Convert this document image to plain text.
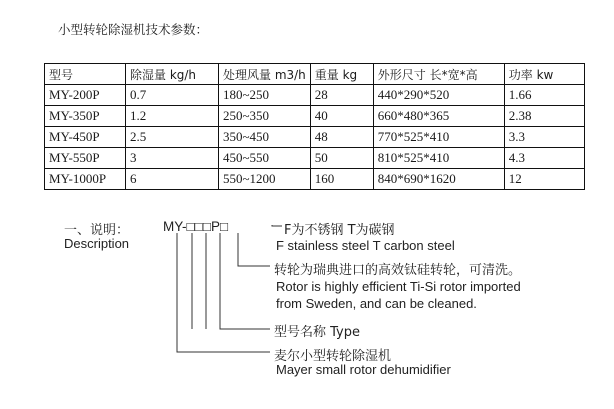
小型转轮除湿机技术参数：
型号	除湿量 kg/h	处理风量 m3/h	重量 kg	外形尺寸 长*宽*高	功率 kw
MY-200P	0.7	180~250	28	440*290*520	1.66
MY-350P	1.2	250~350	40	660*480*365	2.38
MY-450P	2.5	350~450	48	770*525*410	3.3
MY-550P	3	450~550	50	810*525*410	4.3
MY-1000P	6	550~1200	160	840*690*1620	12
一、说明：
Description
MY-□□□P□	F为不锈钢 T为碳钢
F stainless steel T carbon steel
转轮为瑞典进口的高效钛硅转轮，可清洗。
Rotor is highly efficient Ti-Si rotor imported
from Sweden, and can be cleaned.
型号名称 Type
麦尔小型转轮除湿机
Mayer small rotor dehumidifier
